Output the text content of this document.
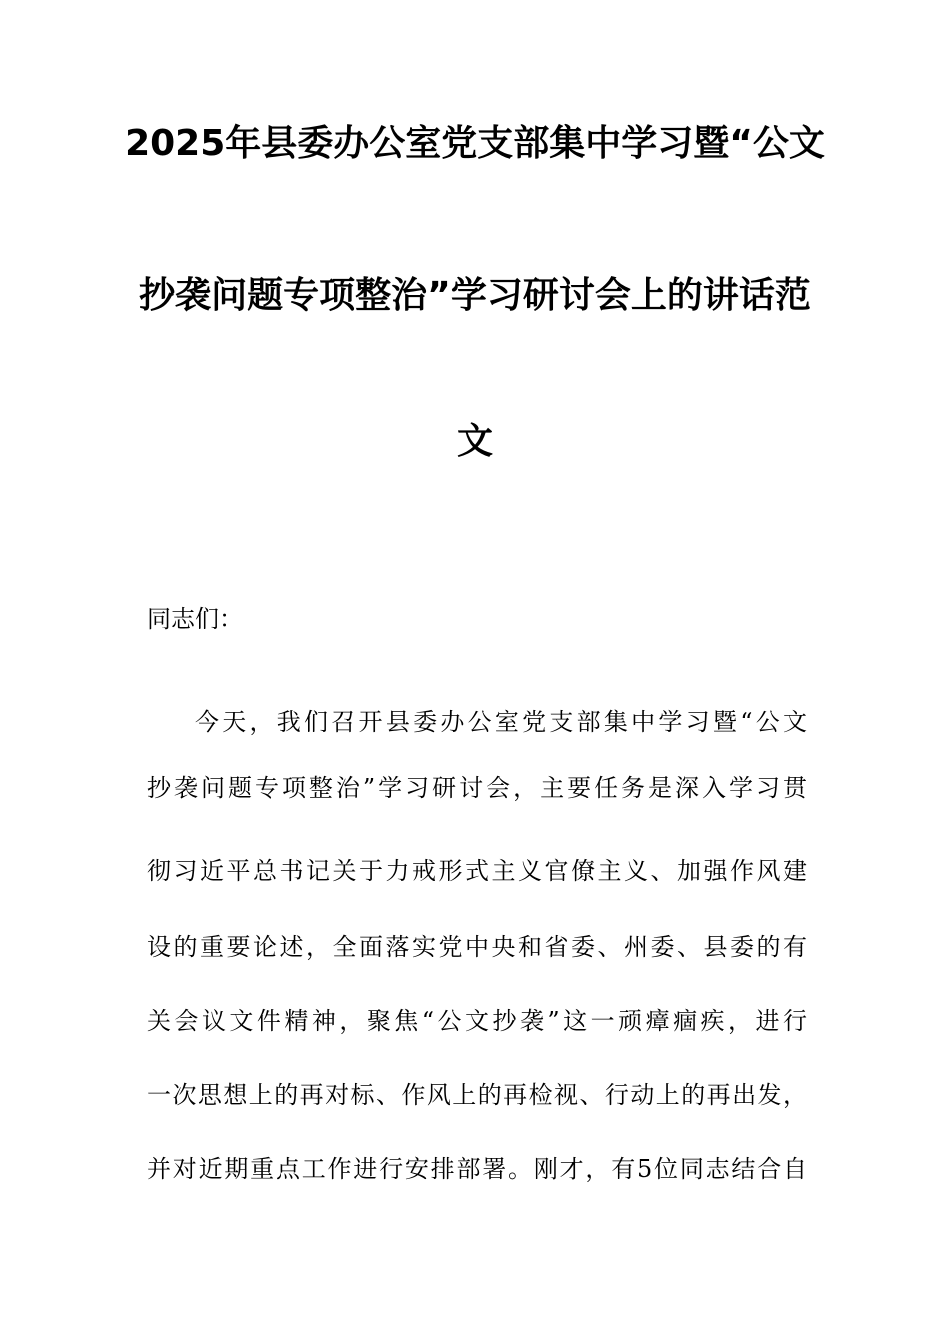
2025年县委办公室党支部集中学习暨“公文
抄袭问题专项整治”学习研讨会上的讲话范
文
同志们：
今天，我们召开县委办公室党支部集中学习暨“公文
抄袭问题专项整治”学习研讨会，主要任务是深入学习贯
彻习近平总书记关于力戒形式主义官僚主义、加强作风建
设的重要论述，全面落实党中央和省委、州委、县委的有
关会议文件精神，聚焦“公文抄袭”这一顽瘴痼疾，进行
一次思想上的再对标、作风上的再检视、行动上的再出发，
并对近期重点工作进行安排部署。刚才，有5位同志结合自
